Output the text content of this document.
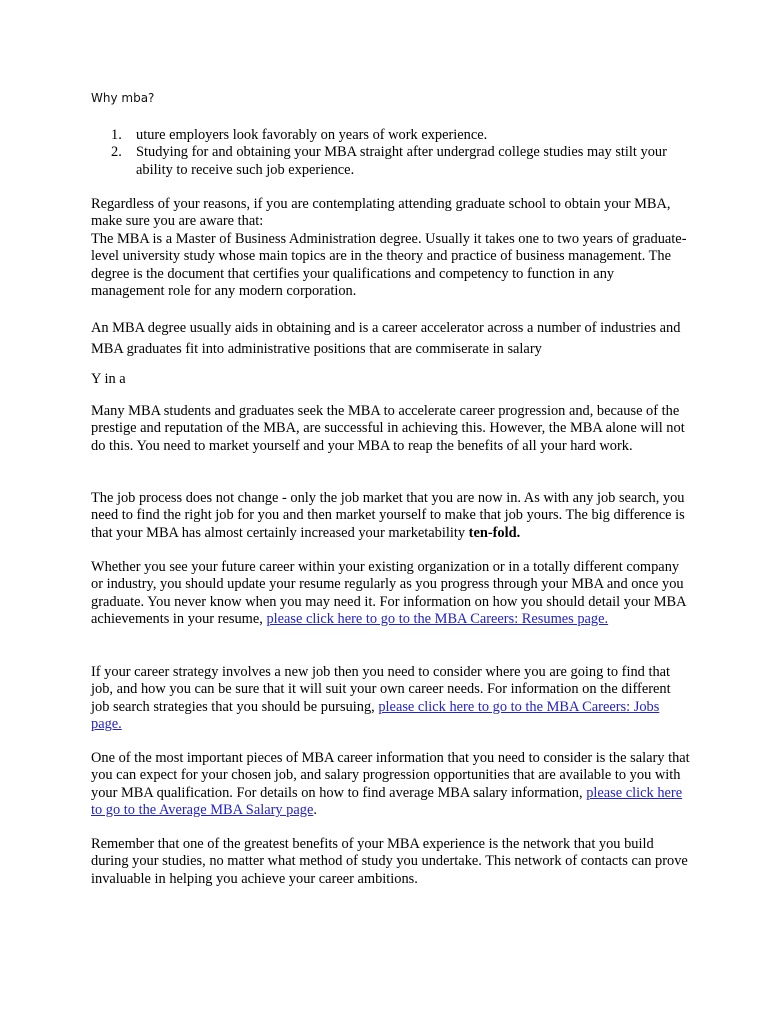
Why mba?

1. uture employers look favorably on years of work experience.
2. Studying for and obtaining your MBA straight after undergrad college studies may stilt your ability to receive such job experience.
Regardless of your reasons, if you are contemplating attending graduate school to obtain your MBA, make sure you are aware that:
The MBA is a Master of Business Administration degree. Usually it takes one to two years of graduate-level university study whose main topics are in the theory and practice of business management. The degree is the document that certifies your qualifications and competency to function in any management role for any modern corporation.

An MBA degree usually aids in obtaining and is a career accelerator across a number of industries and MBA graduates fit into administrative positions that are commiserate in salary

Y in a

Many MBA students and graduates seek the MBA to accelerate career progression and, because of the prestige and reputation of the MBA, are successful in achieving this. However, the MBA alone will not do this. You need to market yourself and your MBA to reap the benefits of all your hard work.

The job process does not change - only the job market that you are now in. As with any job search, you need to find the right job for you and then market yourself to make that job yours. The big difference is that your MBA has almost certainly increased your marketability ten-fold.

Whether you see your future career within your existing organization or in a totally different company or industry, you should update your resume regularly as you progress through your MBA and once you graduate. You never know when you may need it. For information on how you should detail your MBA achievements in your resume, please click here to go to the MBA Careers: Resumes page.

If your career strategy involves a new job then you need to consider where you are going to find that job, and how you can be sure that it will suit your own career needs. For information on the different job search strategies that you should be pursuing, please click here to go to the MBA Careers: Jobs page.

One of the most important pieces of MBA career information that you need to consider is the salary that you can expect for your chosen job, and salary progression opportunities that are available to you with your MBA qualification. For details on how to find average MBA salary information, please click here to go to the Average MBA Salary page.

Remember that one of the greatest benefits of your MBA experience is the network that you build during your studies, no matter what method of study you undertake. This network of contacts can prove invaluable in helping you achieve your career ambitions.
